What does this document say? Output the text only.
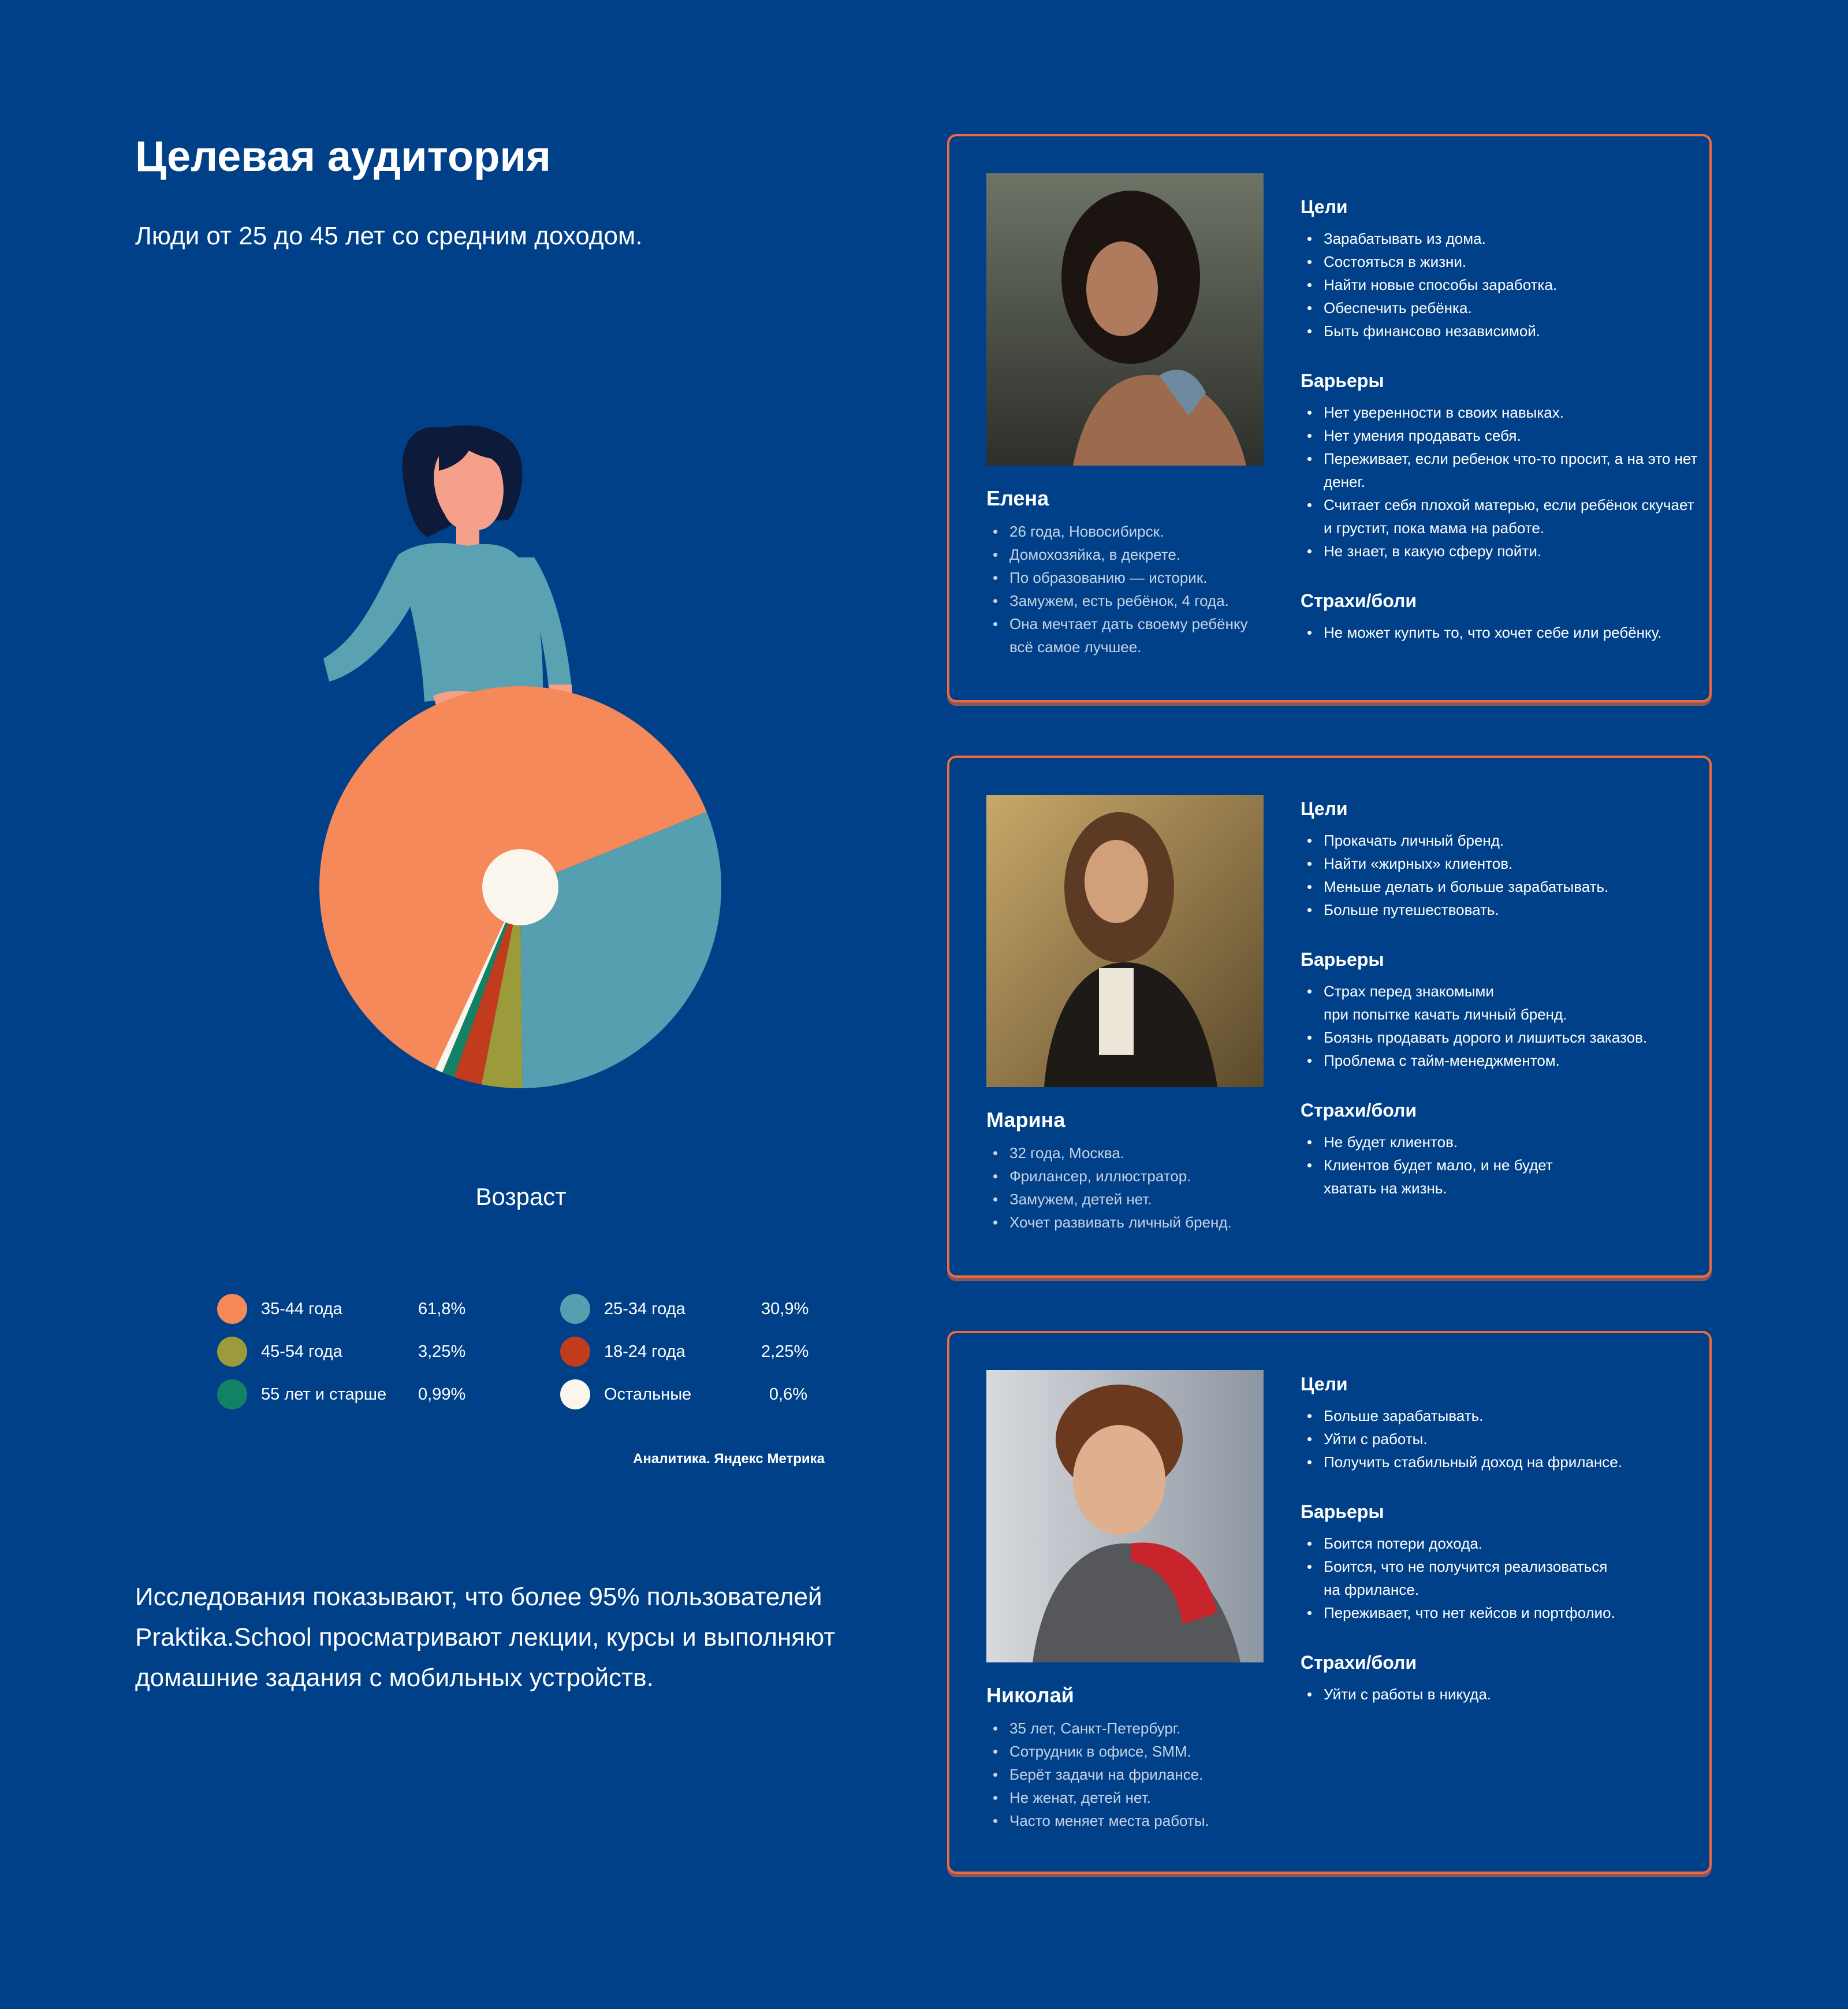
Целевая аудитория
Люди от 25 до 45 лет со средним доходом.
Возраст
35-44 года	61,8%
45-54 года	3,25%
55 лет и старше	0,99%
25-34 года	30,9%
18-24 года	2,25%
Остальные	0,6%
Аналитика. Яндекс Метрика
Исследования показывают, что более 95% пользователей Praktika.School просматривают лекции, курсы и выполняют домашние задания с мобильных устройств.
Елена
26 года, Новосибирск.
Домохозяйка, в декрете.
По образованию — историк.
Замужем, есть ребёнок, 4 года.
Она мечтает дать своему ребёнку всё самое лучшее.
Цели
Зарабатывать из дома.
Состояться в жизни.
Найти новые способы заработка.
Обеспечить ребёнка.
Быть финансово независимой.
Барьеры
Нет уверенности в своих навыках.
Нет умения продавать себя.
Переживает, если ребенок что-то просит, а на это нет денег.
Считает себя плохой матерью, если ребёнок скучает и грустит, пока мама на работе.
Не знает, в какую сферу пойти.
Страхи/боли
Не может купить то, что хочет себе или ребёнку.
Марина
32 года, Москва.
Фрилансер, иллюстратор.
Замужем, детей нет.
Хочет развивать личный бренд.
Цели
Прокачать личный бренд.
Найти «жирных» клиентов.
Меньше делать и больше зарабатывать.
Больше путешествовать.
Барьеры
Страх перед знакомыми
при попытке качать личный бренд.
Боязнь продавать дорого и лишиться заказов.
Проблема с тайм-менеджментом.
Страхи/боли
Не будет клиентов.
Клиентов будет мало, и не будет
хватать на жизнь.
Николай
35 лет, Санкт-Петербург.
Сотрудник в офисе, SMM.
Берёт задачи на фрилансе.
Не женат, детей нет.
Часто меняет места работы.
Цели
Больше зарабатывать.
Уйти с работы.
Получить стабильный доход на фрилансе.
Барьеры
Боится потери дохода.
Боится, что не получится реализоваться
на фрилансе.
Переживает, что нет кейсов и портфолио.
Страхи/боли
Уйти с работы в никуда.
